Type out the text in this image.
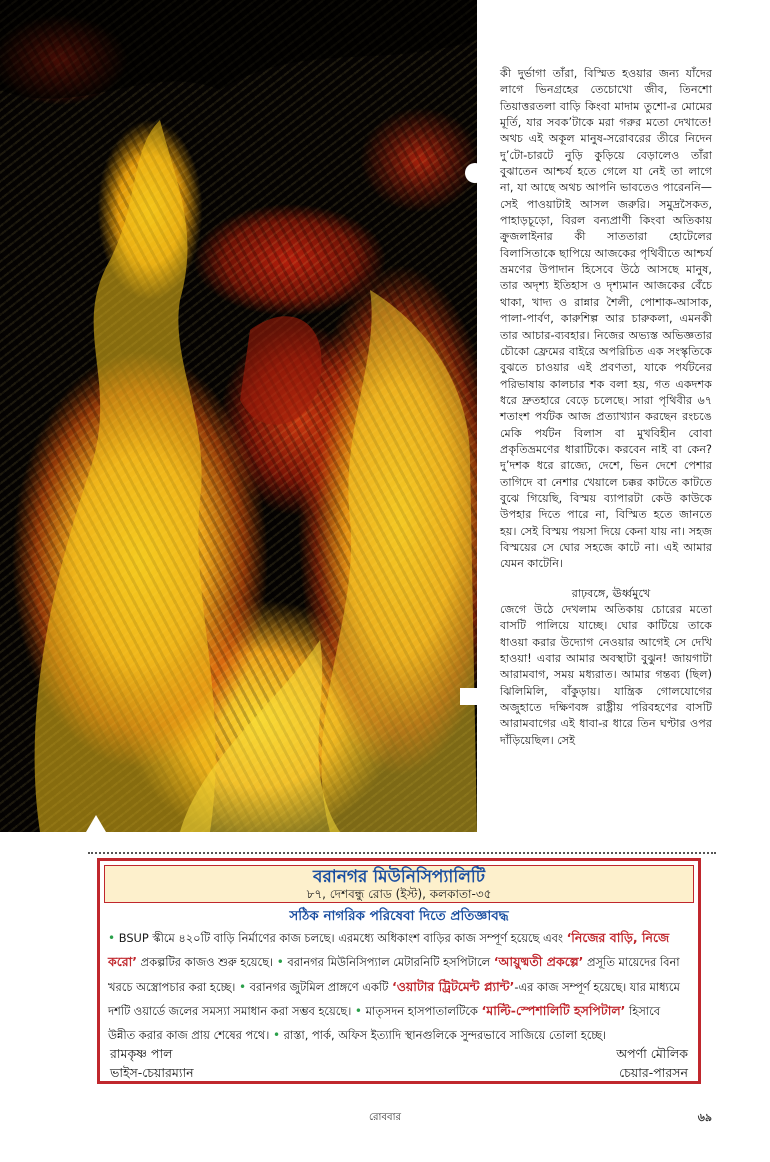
কী দুর্ভাগা তাঁরা, বিস্মিত হওয়ার জন্য যাঁদের লাগে ভিনগ্রহের তেচোখো জীব, তিনশো তিয়াত্তরতলা বাড়ি কিংবা মাদাম তুশো-র মোমের মূর্তি, যার সবক’টাকে মরা গরুর মতো দেখাতে! অথচ এই অকূল মানুষ-সরোবরের তীরে নিদেন দু’টো-চারটে নুড়ি কুড়িয়ে বেড়ালেও তাঁরা বুঝাতেন আশ্চর্য হতে গেলে যা নেই তা লাগে না, যা আছে অথচ আপনি ভাবতেও পারেননি—সেই পাওয়াটাই আসল জরুরি। সমুদ্রসৈকত, পাহাড়চূড়ো, বিরল বন্যপ্রাণী কিংবা অতিকায় ক্রুজলাইনার কী সাততারা হোটেলের বিলাসিতাকে ছাপিয়ে আজকের পৃথিবীতে আশ্চর্য ভ্রমণের উপাদান হিসেবে উঠে আসছে মানুষ, তার অদৃশ্য ইতিহাস ও দৃশ্যমান আজকের বেঁচে থাকা, খাদ্য ও রান্নার শৈলী, পোশাক-আসাক, পালা-পার্বণ, কারুশিল্প আর চারুকলা, এমনকী তার আচার-ব্যবহার। নিজের অভ্যস্ত অভিজ্ঞতার চৌকো ফ্রেমের বাইরে অপরিচিত এক সংস্কৃতিকে বুঝতে চাওয়ার এই প্রবণতা, যাকে পর্যটনের পরিভাষায় কালচার শক বলা হয়, গত একদশক ধরে দ্রুতহারে বেড়ে চলেছে। সারা পৃথিবীর ৬৭ শতাংশ পর্যটক আজ প্রত্যাখ্যান করছেন রংচঙে মেকি পর্যটন বিলাস বা মুখবিহীন বোবা প্রকৃতিভ্রমণের ধারাটিকে। করবেন নাই বা কেন? দু’দশক ধরে রাজ্যে, দেশে, ভিন দেশে পেশার তাগিদে বা নেশার খেয়ালে চক্কর কাটতে কাটতে বুঝে গিয়েছি, বিস্ময় ব্যাপারটা কেউ কাউকে উপহার দিতে পারে না, বিস্মিত হতে জানতে হয়। সেই বিস্ময় পয়সা দিয়ে কেনা যায় না। সহজ বিস্ময়ের সে ঘোর সহজে কাটে না। এই আমার যেমন কাটেনি।

রাঢ়বঙ্গে, ঊর্ধ্বমুখে

জেগে উঠে দেখলাম অতিকায় চোরের মতো বাসটি পালিয়ে যাচ্ছে। ঘোর কাটিয়ে তাকে ধাওয়া করার উদ্যোগ নেওয়ার আগেই সে দেখি হাওয়া! এবার আমার অবস্থাটা বুঝুন! জায়গাটা আরামবাগ, সময় মধ্যরাত। আমার গন্তব্য (ছিল) ঝিলিমিলি, বাঁকুড়ায়। যান্ত্রিক গোলযোগের অজুহাতে দক্ষিণবঙ্গ রাষ্ট্রীয় পরিবহণের বাসটি আরামবাগের এই ধাবা-র ধারে তিন ঘণ্টার ওপর দাঁড়িয়েছিল। সেই

বরানগর মিউনিসিপ্যালিটি
৮৭, দেশবন্ধু রোড (ইস্ট), কলকাতা-৩৫
সঠিক নাগরিক পরিষেবা দিতে প্রতিজ্ঞাবদ্ধ
• BSUP স্কীমে ৪২০টি বাড়ি নির্মাণের কাজ চলছে। এরমধ্যে অধিকাংশ বাড়ির কাজ সম্পূর্ণ হয়েছে এবং ‘নিজের বাড়ি, নিজে করো’ প্রকল্পটির কাজও শুরু হয়েছে। • বরানগর মিউনিসিপ্যাল মেটারনিটি হসপিটালে ‘আয়ুষ্মতী প্রকল্পে’ প্রসূতি মায়েদের বিনা খরচে অস্ত্রোপচার করা হচ্ছে। • বরানগর জুটমিল প্রাঙ্গণে একটি ‘ওয়াটার ট্রিটমেন্ট প্ল্যান্ট’-এর কাজ সম্পূর্ণ হয়েছে। যার মাধ্যমে দশটি ওয়ার্ডে জলের সমস্যা সমাধান করা সম্ভব হয়েছে। • মাতৃসদন হাসপাতালটিকে ‘মাল্টি-স্পেশালিটি হসপিটাল’ হিসাবে উন্নীত করার কাজ প্রায় শেষের পথে। • রাস্তা, পার্ক, অফিস ইত্যাদি স্থানগুলিকে সুন্দরভাবে সাজিয়ে তোলা হচ্ছে।
রামকৃষ্ণ পাল
ভাইস-চেয়ারম্যান
অপর্ণা মৌলিক
চেয়ার-পারসন
রোববার	৬৯
